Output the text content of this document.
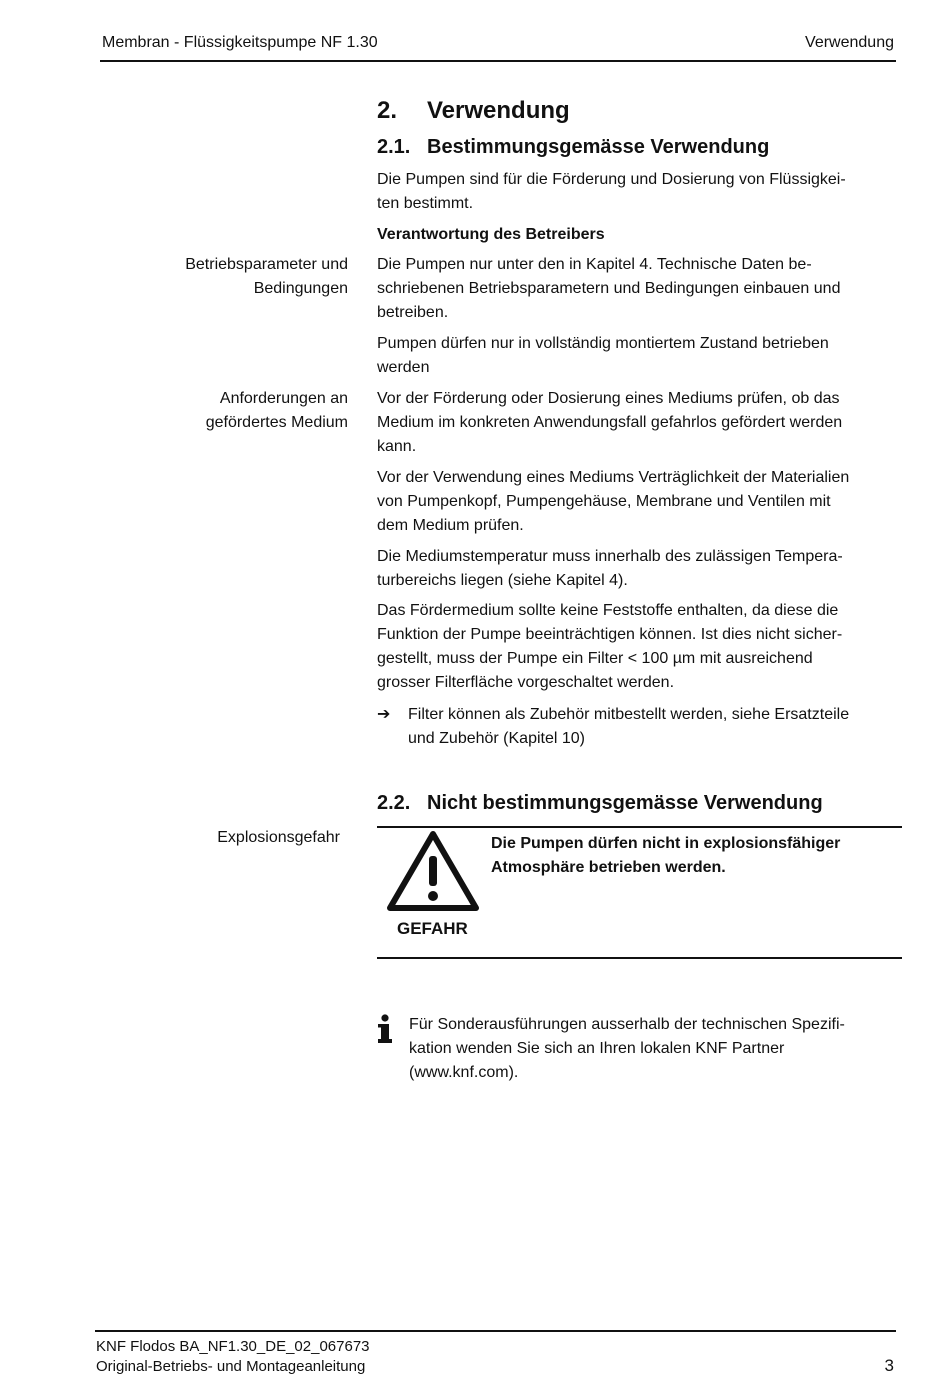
Membran - Flüssigkeitspumpe NF 1.30	Verwendung
2. Verwendung
2.1. Bestimmungsgemässe Verwendung

Die Pumpen sind für die Förderung und Dosierung von Flüssigkei-
ten bestimmt.

Verantwortung des Betreibers

Betriebsparameter und
Bedingungen

Die Pumpen nur unter den in Kapitel 4. Technische Daten be-
schriebenen Betriebsparametern und Bedingungen einbauen und
betreiben.

Pumpen dürfen nur in vollständig montiertem Zustand betrieben
werden

Anforderungen an
gefördertes Medium

Vor der Förderung oder Dosierung eines Mediums prüfen, ob das
Medium im konkreten Anwendungsfall gefahrlos gefördert werden
kann.

Vor der Verwendung eines Mediums Verträglichkeit der Materialien
von Pumpenkopf, Pumpengehäuse, Membrane und Ventilen mit
dem Medium prüfen.

Die Mediumstemperatur muss innerhalb des zulässigen Tempera-
turbereichs liegen (siehe Kapitel 4).

Das Fördermedium sollte keine Feststoffe enthalten, da diese die
Funktion der Pumpe beeinträchtigen können. Ist dies nicht sicher-
gestellt, muss der Pumpe ein Filter < 100 µm mit ausreichend
grosser Filterfläche vorgeschaltet werden.

➔ Filter können als Zubehör mitbestellt werden, siehe Ersatzteile
und Zubehör (Kapitel 10)

2.2. Nicht bestimmungsgemässe Verwendung
Explosionsgefahr
GEFAHR

Die Pumpen dürfen nicht in explosionsfähiger
Atmosphäre betrieben werden.

Für Sonderausführungen ausserhalb der technischen Spezifi-
kation wenden Sie sich an Ihren lokalen KNF Partner
(www.knf.com).

KNF Flodos BA_NF1.30_DE_02_067673
Original-Betriebs- und Montageanleitung	3
